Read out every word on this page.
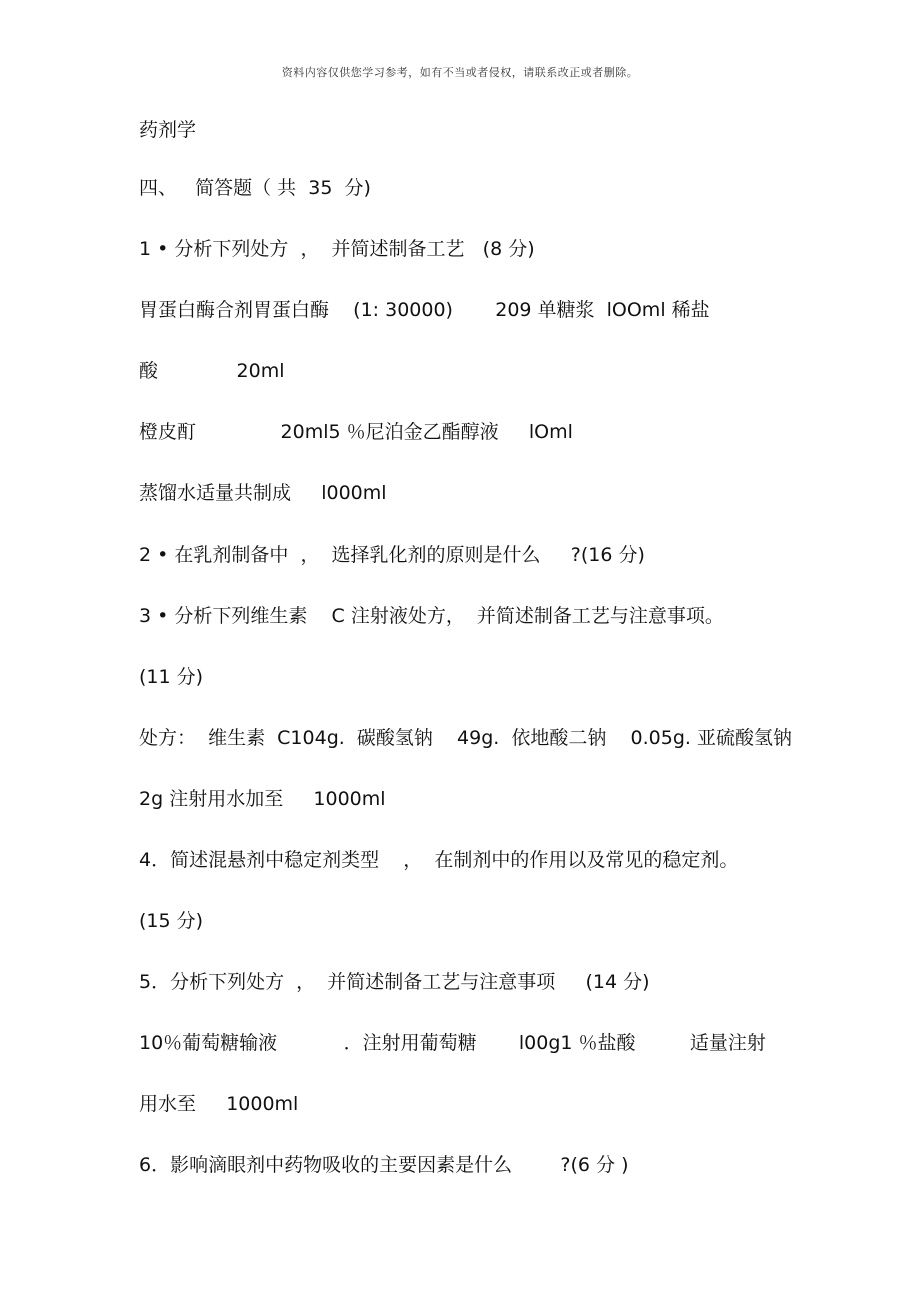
资料内容仅供您学习参考，如有不当或者侵权，请联系改正或者删除。
药剂学
四、   简答题（ 共  35  分)
1 • 分析下列处方  ，  并简述制备工艺   (8 分)
胃蛋白酶合剂胃蛋白酶    (1: 30000)       209 单糖浆  lOOml 稀盐
酸             20ml
橙皮酊              20ml5 ％尼泊金乙酯醇液     lOml
蒸馏水适量共制成     l000ml
2 • 在乳剂制备中  ，  选择乳化剂的原则是什么     ?(16 分)
3 • 分析下列维生素    C 注射液处方，  并简述制备工艺与注意事项。
(11 分)
处方：  维生素  C104g.  碳酸氢钠    49g.  依地酸二钠    0.05g. 亚硫酸氢钠
2g 注射用水加至     1000ml
4．简述混悬剂中稳定剂类型    ，  在制剂中的作用以及常见的稳定剂。
(15 分)
5．分析下列处方  ，  并简述制备工艺与注意事项     (14 分)
10％葡萄糖输液           ．注射用葡萄糖       l00g1 ％盐酸         适量注射
用水至     1000ml
6．影响滴眼剂中药物吸收的主要因素是什么        ?(6 分 )
